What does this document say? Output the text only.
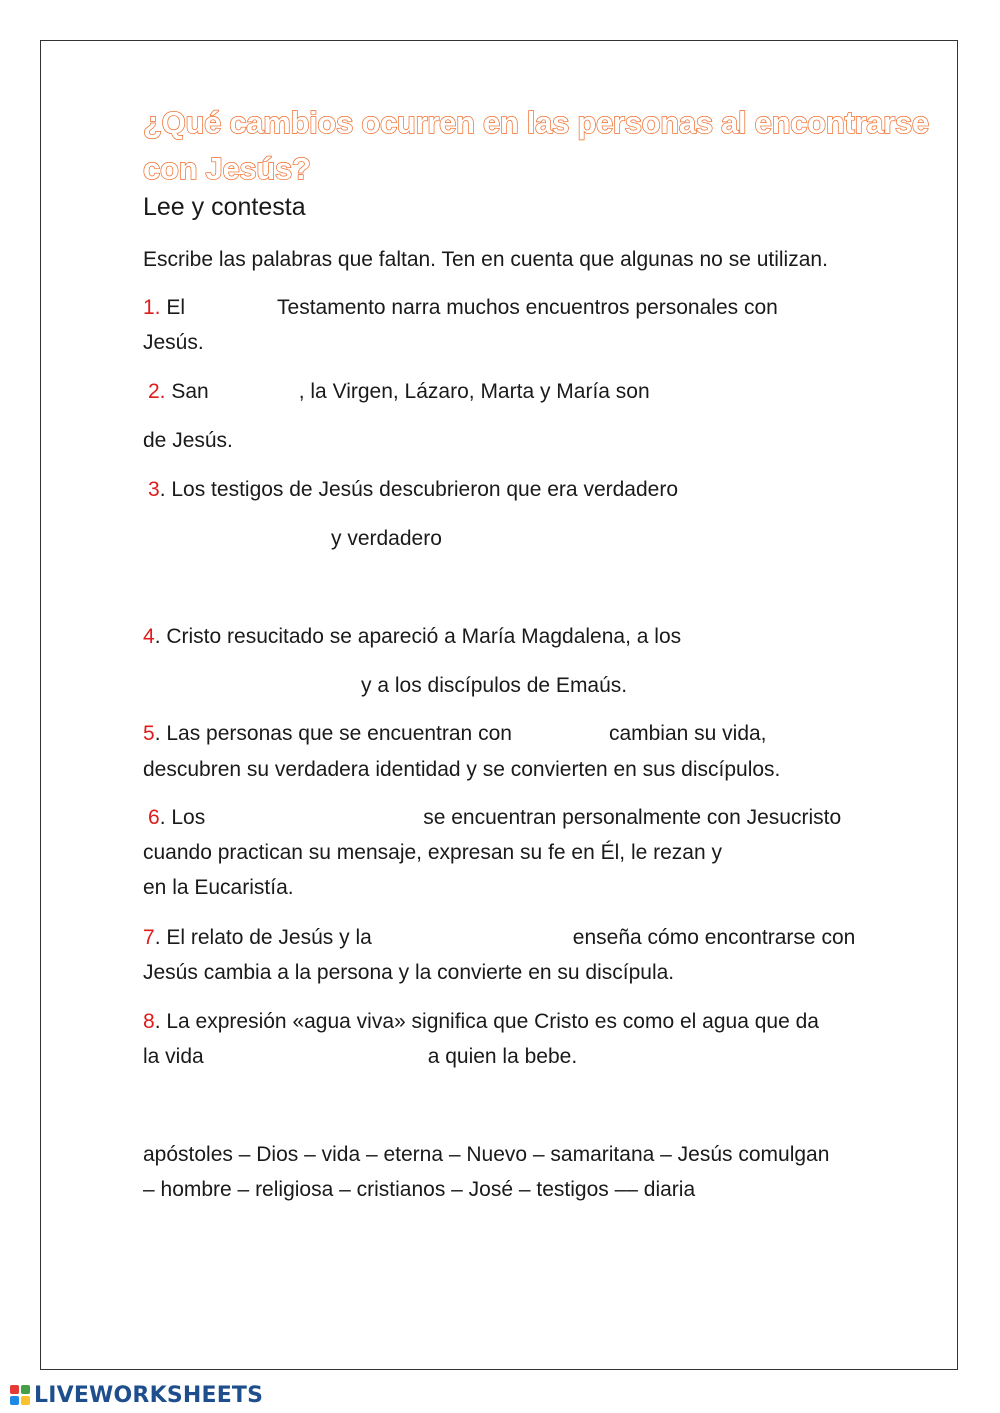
¿Qué cambios ocurren en las personas al encontrarse
con Jesús?
Lee y contesta

Escribe las palabras que faltan. Ten en cuenta que algunas no se utilizan.

1. El	Testamento narra muchos encuentros personales con

Jesús.

2. San	, la Virgen, Lázaro, Marta y María son

de Jesús.

3. Los testigos de Jesús descubrieron que era verdadero

y verdadero

4. Cristo resucitado se apareció a María Magdalena, a los

y a los discípulos de Emaús.

5. Las personas que se encuentran con	cambian su vida,

descubren su verdadera identidad y se convierten en sus discípulos.

6. Los	se encuentran personalmente con Jesucristo

cuando practican su mensaje, expresan su fe en Él, le rezan y

en la Eucaristía.

7. El relato de Jesús y la	enseña cómo encontrarse con

Jesús cambia a la persona y la convierte en su discípula.

8. La expresión «agua viva» significa que Cristo es como el agua que da

la vida	a quien la bebe.

apóstoles – Dios – vida – eterna – Nuevo – samaritana – Jesús comulgan

– hombre – religiosa – cristianos – José – testigos –– diaria

LIVEWORKSHEETS
